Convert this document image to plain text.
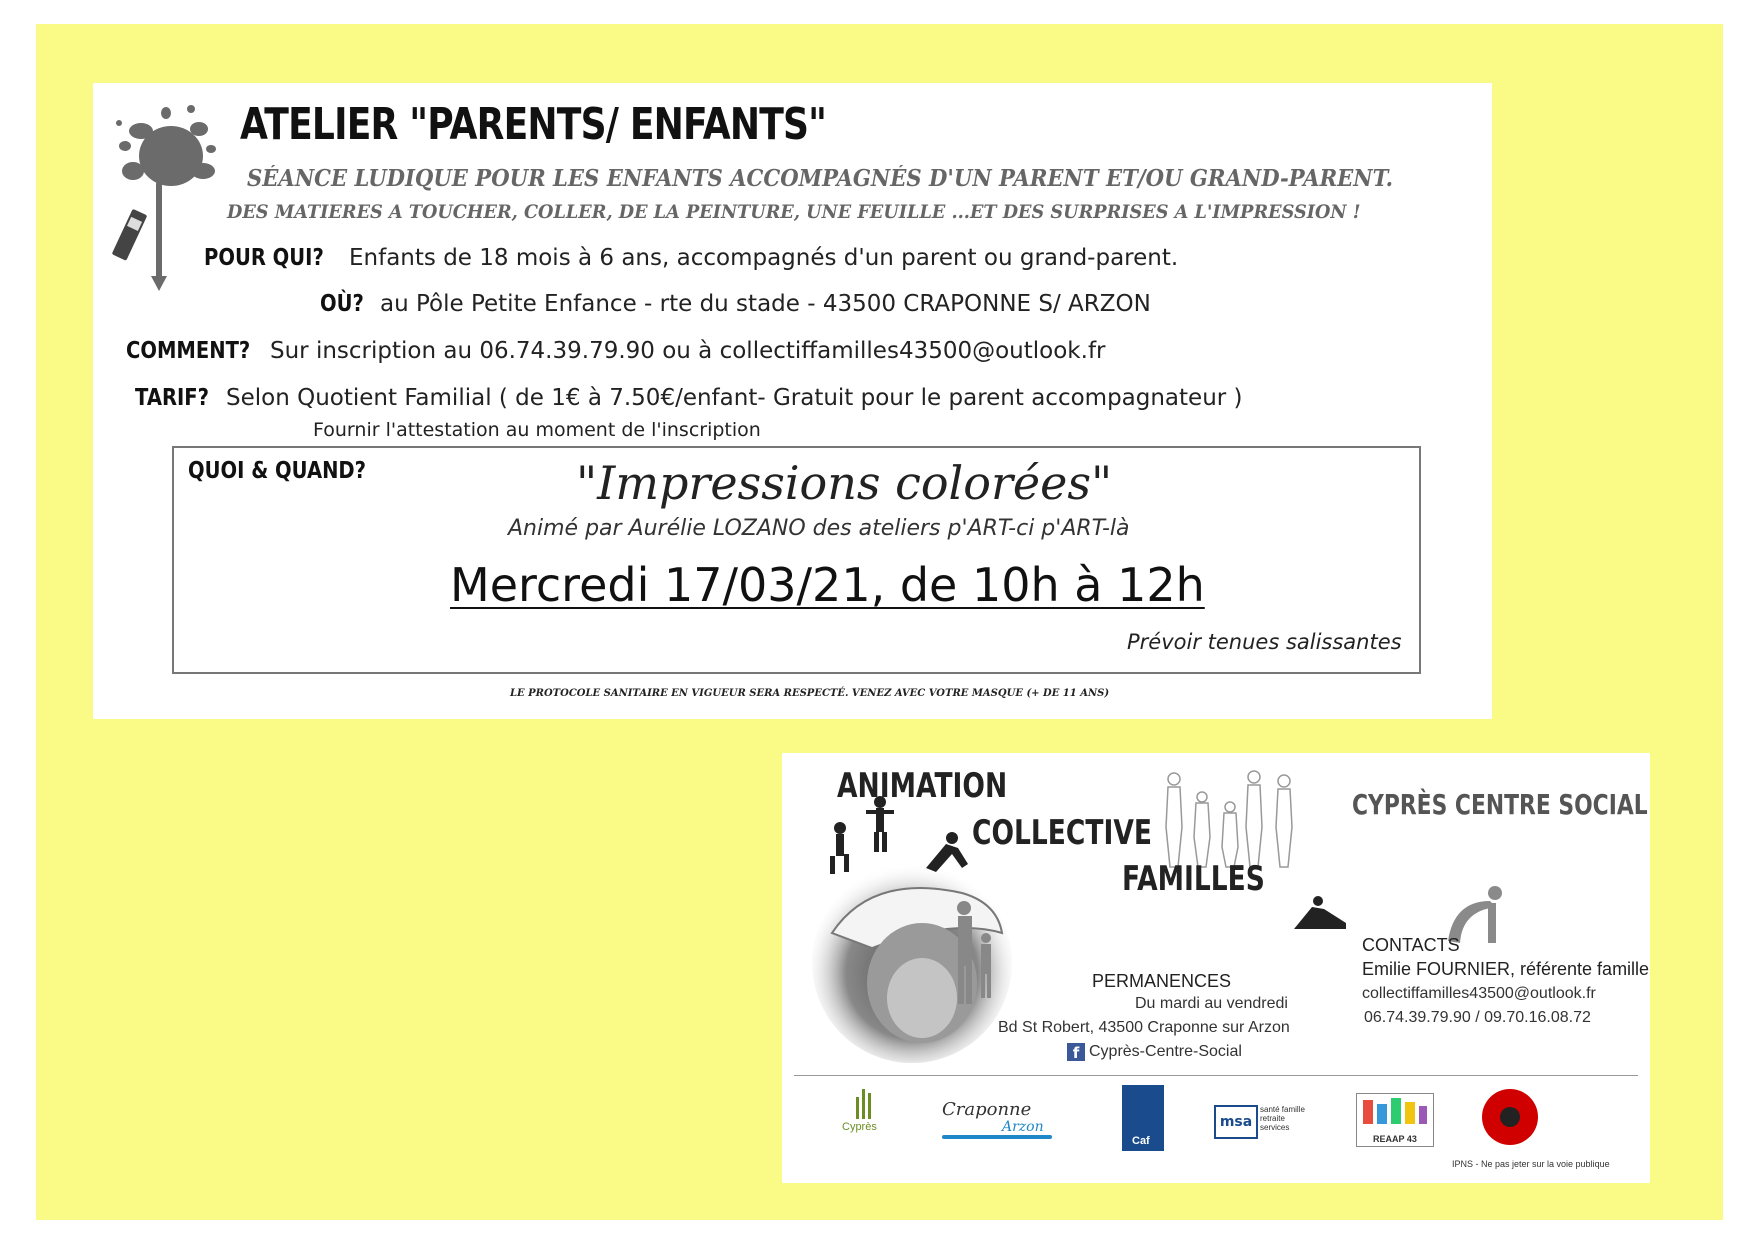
ATELIER "PARENTS/ ENFANTS"
SÉANCE LUDIQUE POUR LES ENFANTS ACCOMPAGNÉS D'UN PARENT ET/OU GRAND-PARENT.
DES MATIERES A TOUCHER, COLLER, DE LA PEINTURE, UNE FEUILLE ...ET DES SURPRISES A L'IMPRESSION !
POUR QUI? Enfants de 18 mois à 6 ans, accompagnés d'un parent ou grand-parent.
OÙ? au Pôle Petite Enfance - rte du stade - 43500 CRAPONNE S/ ARZON
COMMENT? Sur inscription au 06.74.39.79.90 ou à collectiffamilles43500@outlook.fr
TARIF? Selon Quotient Familial ( de 1€ à 7.50€/enfant- Gratuit pour le parent accompagnateur )
Fournir l'attestation au moment de l'inscription
LE PROTOCOLE SANITAIRE EN VIGUEUR SERA RESPECTÉ. VENEZ AVEC VOTRE MASQUE (+ DE 11 ANS)
QUOI & QUAND?	"Impressions colorées"
Animé par Aurélie LOZANO des ateliers p'ART-ci p'ART-là
Mercredi 17/03/21, de 10h à 12h
Prévoir tenues salissantes
ANIMATION
COLLECTIVE
FAMILLES
CYPRÈS CENTRE SOCIAL
CONTACTS
Emilie FOURNIER, référente famille
collectiffamilles43500@outlook.fr
06.74.39.79.90 / 09.70.16.08.72
PERMANENCES
Du mardi au vendredi
Bd St Robert, 43500 Craponne sur Arzon
f Cyprès-Centre-Social
Cyprès
Craponne
Arzon
Caf
msa
santé famille retraite services
REAAP 43
IPNS - Ne pas jeter sur la voie publique
